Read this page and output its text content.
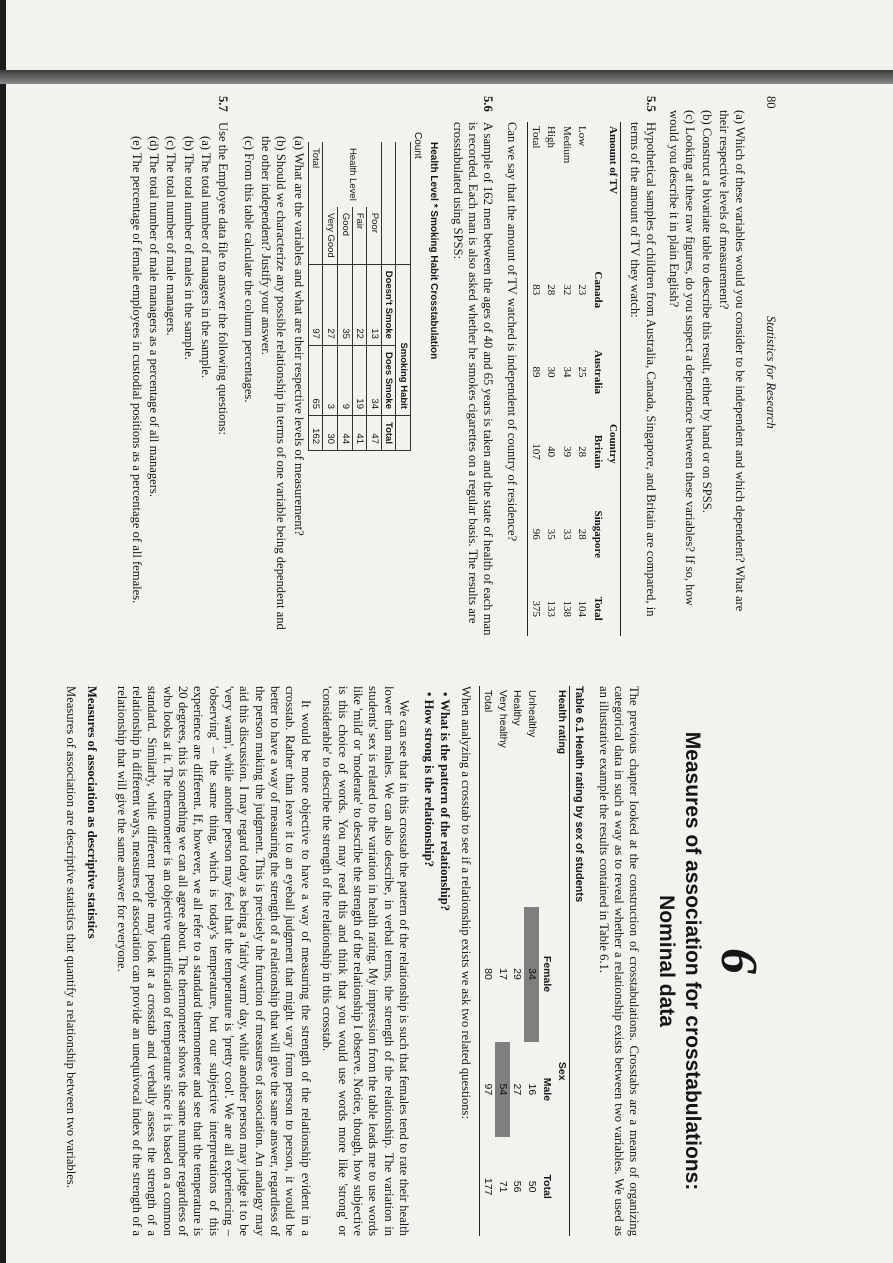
80
Statistics for Research
(a) Which of these variables would you consider to be independent and which dependent? What are their respective levels of measurement?
(b) Construct a bivariate table to describe this result, either by hand or on SPSS.
(c) Looking at these raw figures, do you suspect a dependence between these variables? If so, how would you describe it in plain English?
5.5
Hypothetical samples of children from Australia, Canada, Singapore, and Britain are compared, in terms of the amount of TV they watch:
Amount of TV	Country				
	Canada	Australia	Britain	Singapore	Total
Low	23	25	28	28	104
Medium	32	34	39	33	138
High	28	30	40	35	133
Total	83	89	107	96	375
Can we say that the amount of TV watched is independent of country of residence?
5.6
A sample of 162 men between the ages of 40 and 65 years is taken and the state of health of each man is recorded. Each man is also asked whether he smokes cigarettes on a regular basis. The results are crosstabulated using SPSS:
Health Level * Smoking Habit Crosstabulation
Count
		Smoking Habit		
		Doesn't Smoke	Does Smoke	Total
Health Level	Poor	13	34	47
	Fair	22	19	41
	Good	35	9	44
	Very Good	27	3	30
Total		97	65	162
(a) What are the variables and what are their respective levels of measurement?
(b) Should we characterize any possible relationship in terms of one variable being dependent and the other independent? Justify your answer.
(c) From this table calculate the column percentages.
5.7
Use the Employee data file to answer the following questions:
(a) The total number of managers in the sample.
(b) The total number of males in the sample.
(c) The total number of male managers.
(d) The total number of male managers as a percentage of all managers.
(e) The percentage of female employees in custodial positions as a percentage of all females.
6
Measures of association for crosstabulations:
Nominal data
The previous chapter looked at the construction of crosstabulations. Crosstabs are a means of organizing categorical data in such a way as to reveal whether a relationship exists between two variables. We used as an illustrative example the results contained in Table 6.1.
Table 6.1 Health rating by sex of students
Health rating	Sex		
	Female	Male	Total
Unhealthy	34	16	50
Healthy	29	27	56
Very healthy	17	54	71
Total	80	97	177
When analyzing a crosstab to see if a relationship exists we ask two related questions:
• What is the pattern of the relationship?
• How strong is the relationship?
We can see that in this crosstab the pattern of the relationship is such that females tend to rate their health lower than males. We can also describe, in verbal terms, the strength of the relationship. The variation in students' sex is related to the variation in health rating. My impression from the table leads me to use words like 'mild' or 'moderate' to describe the strength of the relationship I observe. Notice, though, how subjective is this choice of words. You may read this and think that you would use words more like 'strong' or 'considerable' to describe the strength of the relationship in this crosstab.
It would be more objective to have a way of measuring the strength of the relationship evident in a crosstab. Rather than leave it to an eyeball judgment that might vary from person to person, it would be better to have a way of measuring the strength of a relationship that will give the same answer, regardless of the person making the judgment. This is precisely the function of measures of association. An analogy may aid this discussion. I may regard today as being a 'fairly warm' day, while another person may judge it to be 'very warm', while another person may feel that the temperature is 'pretty cool'. We are all experiencing – 'observing' – the same thing, which is today's temperature, but our subjective interpretations of this experience are different. If, however, we all refer to a standard thermometer and see that the temperature is 20 degrees, this is something we can all agree about. The thermometer shows the same number regardless of who looks at it. The thermometer is an objective quantification of temperature since it is based on a common standard. Similarly, while different people may look at a crosstab and verbally assess the strength of a relationship in different ways, measures of association can provide an unequivocal index of the strength of a relationship that will give the same answer for everyone.
Measures of association as descriptive statistics
Measures of association are descriptive statistics that quantify a relationship between two variables.
